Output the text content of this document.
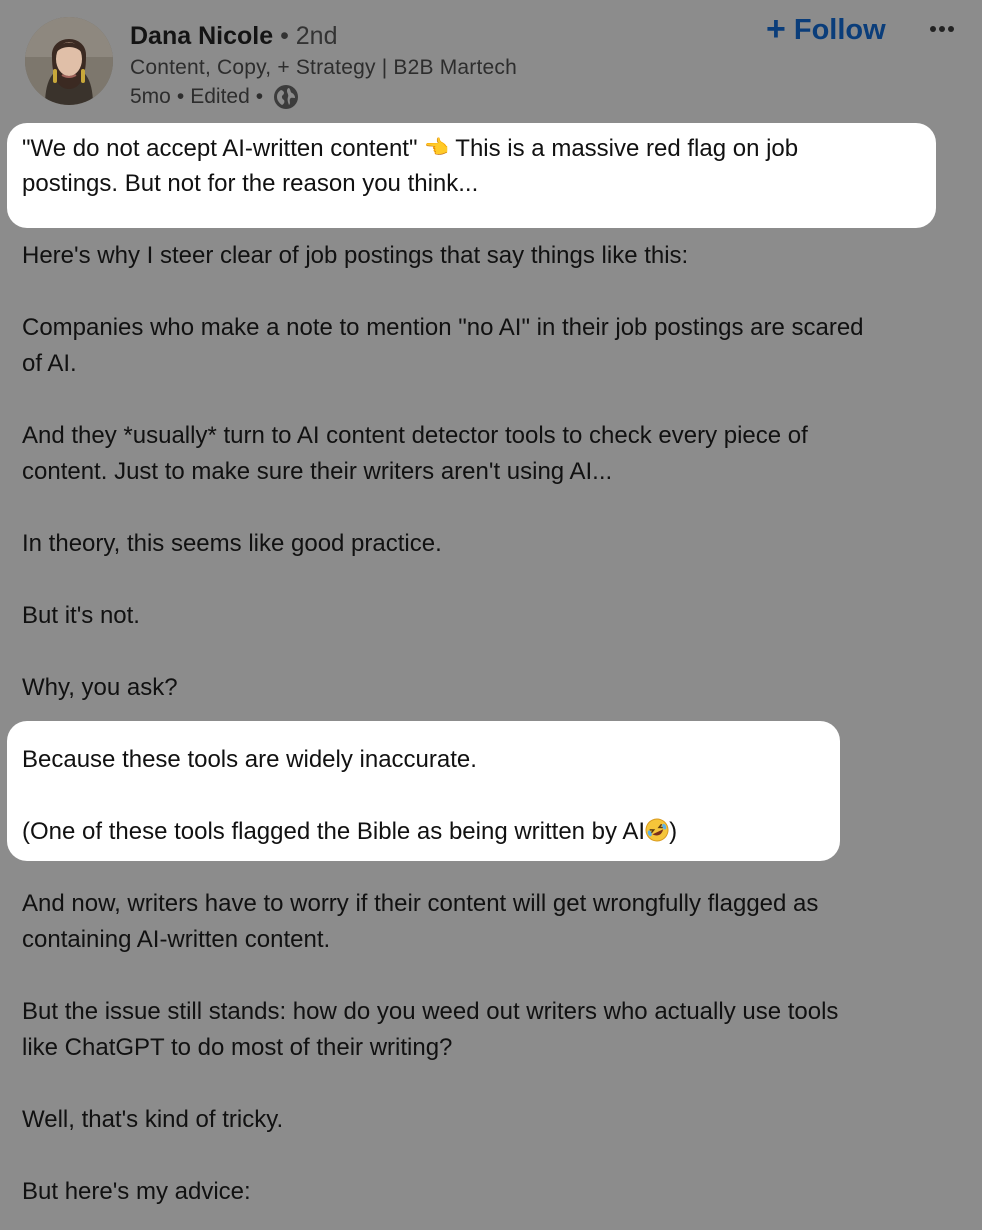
Dana Nicole • 2nd
Content, Copy, + Strategy | B2B Martech
5mo • Edited •
+ Follow
"We do not accept AI-written content" 👈 This is a massive red flag on job
postings. But not for the reason you think...
Here's why I steer clear of job postings that say things like this:
Companies who make a note to mention "no AI" in their job postings are scared
of AI.
And they *usually* turn to AI content detector tools to check every piece of
content. Just to make sure their writers aren't using AI...
In theory, this seems like good practice.
But it's not.
Why, you ask?
Because these tools are widely inaccurate.
(One of these tools flagged the Bible as being written by AI )
And now, writers have to worry if their content will get wrongfully flagged as
containing AI-written content.
But the issue still stands: how do you weed out writers who actually use tools
like ChatGPT to do most of their writing?
Well, that's kind of tricky.
But here's my advice:
